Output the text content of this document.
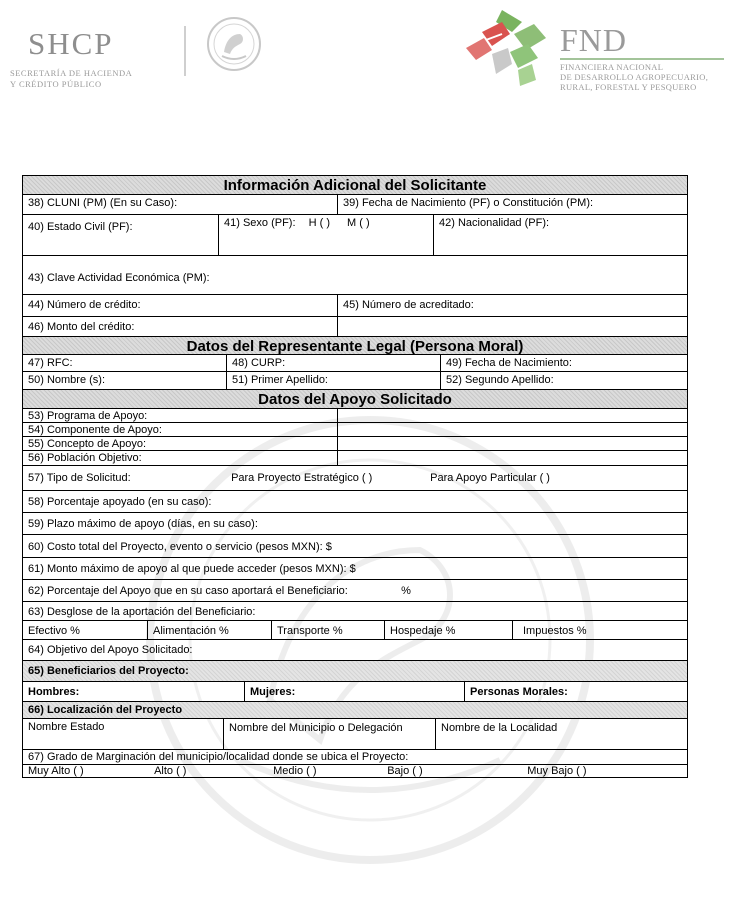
SHCP
SECRETARÍA DE HACIENDA
Y CRÉDITO PÚBLICO
FND
FINANCIERA NACIONAL
DE DESARROLLO AGROPECUARIO,
RURAL, FORESTAL Y PESQUERO
Información Adicional del Solicitante
38) CLUNI (PM) (En su Caso):	39) Fecha de Nacimiento (PF) o Constitución (PM):
40) Estado Civil (PF):	41) Sexo (PF): H ( ) M ( )	42) Nacionalidad (PF):
43) Clave Actividad Económica (PM):
44) Número de crédito:	45) Número de acreditado:
46) Monto del crédito:
Datos del Representante Legal (Persona Moral)
47) RFC:	48) CURP:	49) Fecha de Nacimiento:
50) Nombre (s):	51) Primer Apellido:	52) Segundo Apellido:
Datos del Apoyo Solicitado
53) Programa de Apoyo:
54) Componente de Apoyo:
55) Concepto de Apoyo:
56) Población Objetivo:
57) Tipo de Solicitud:	Para Proyecto Estratégico ( )	Para Apoyo Particular ( )
58) Porcentaje apoyado (en su caso):
59) Plazo máximo de apoyo (días, en su caso):
60) Costo total del Proyecto, evento o servicio (pesos MXN): $
61) Monto máximo de apoyo al que puede acceder (pesos MXN): $
62) Porcentaje del Apoyo que en su caso aportará el Beneficiario:	%
63) Desglose de la aportación del Beneficiario:
Efectivo %	Alimentación %	Transporte %	Hospedaje %	Impuestos %
64) Objetivo del Apoyo Solicitado:
65) Beneficiarios del Proyecto:
Hombres:	Mujeres:	Personas Morales:
66) Localización del Proyecto
Nombre Estado	Nombre del Municipio o Delegación	Nombre de la Localidad
67) Grado de Marginación del municipio/localidad donde se ubica el Proyecto:
Muy Alto ( )	Alto ( )	Medio ( )	Bajo ( )	Muy Bajo ( )
